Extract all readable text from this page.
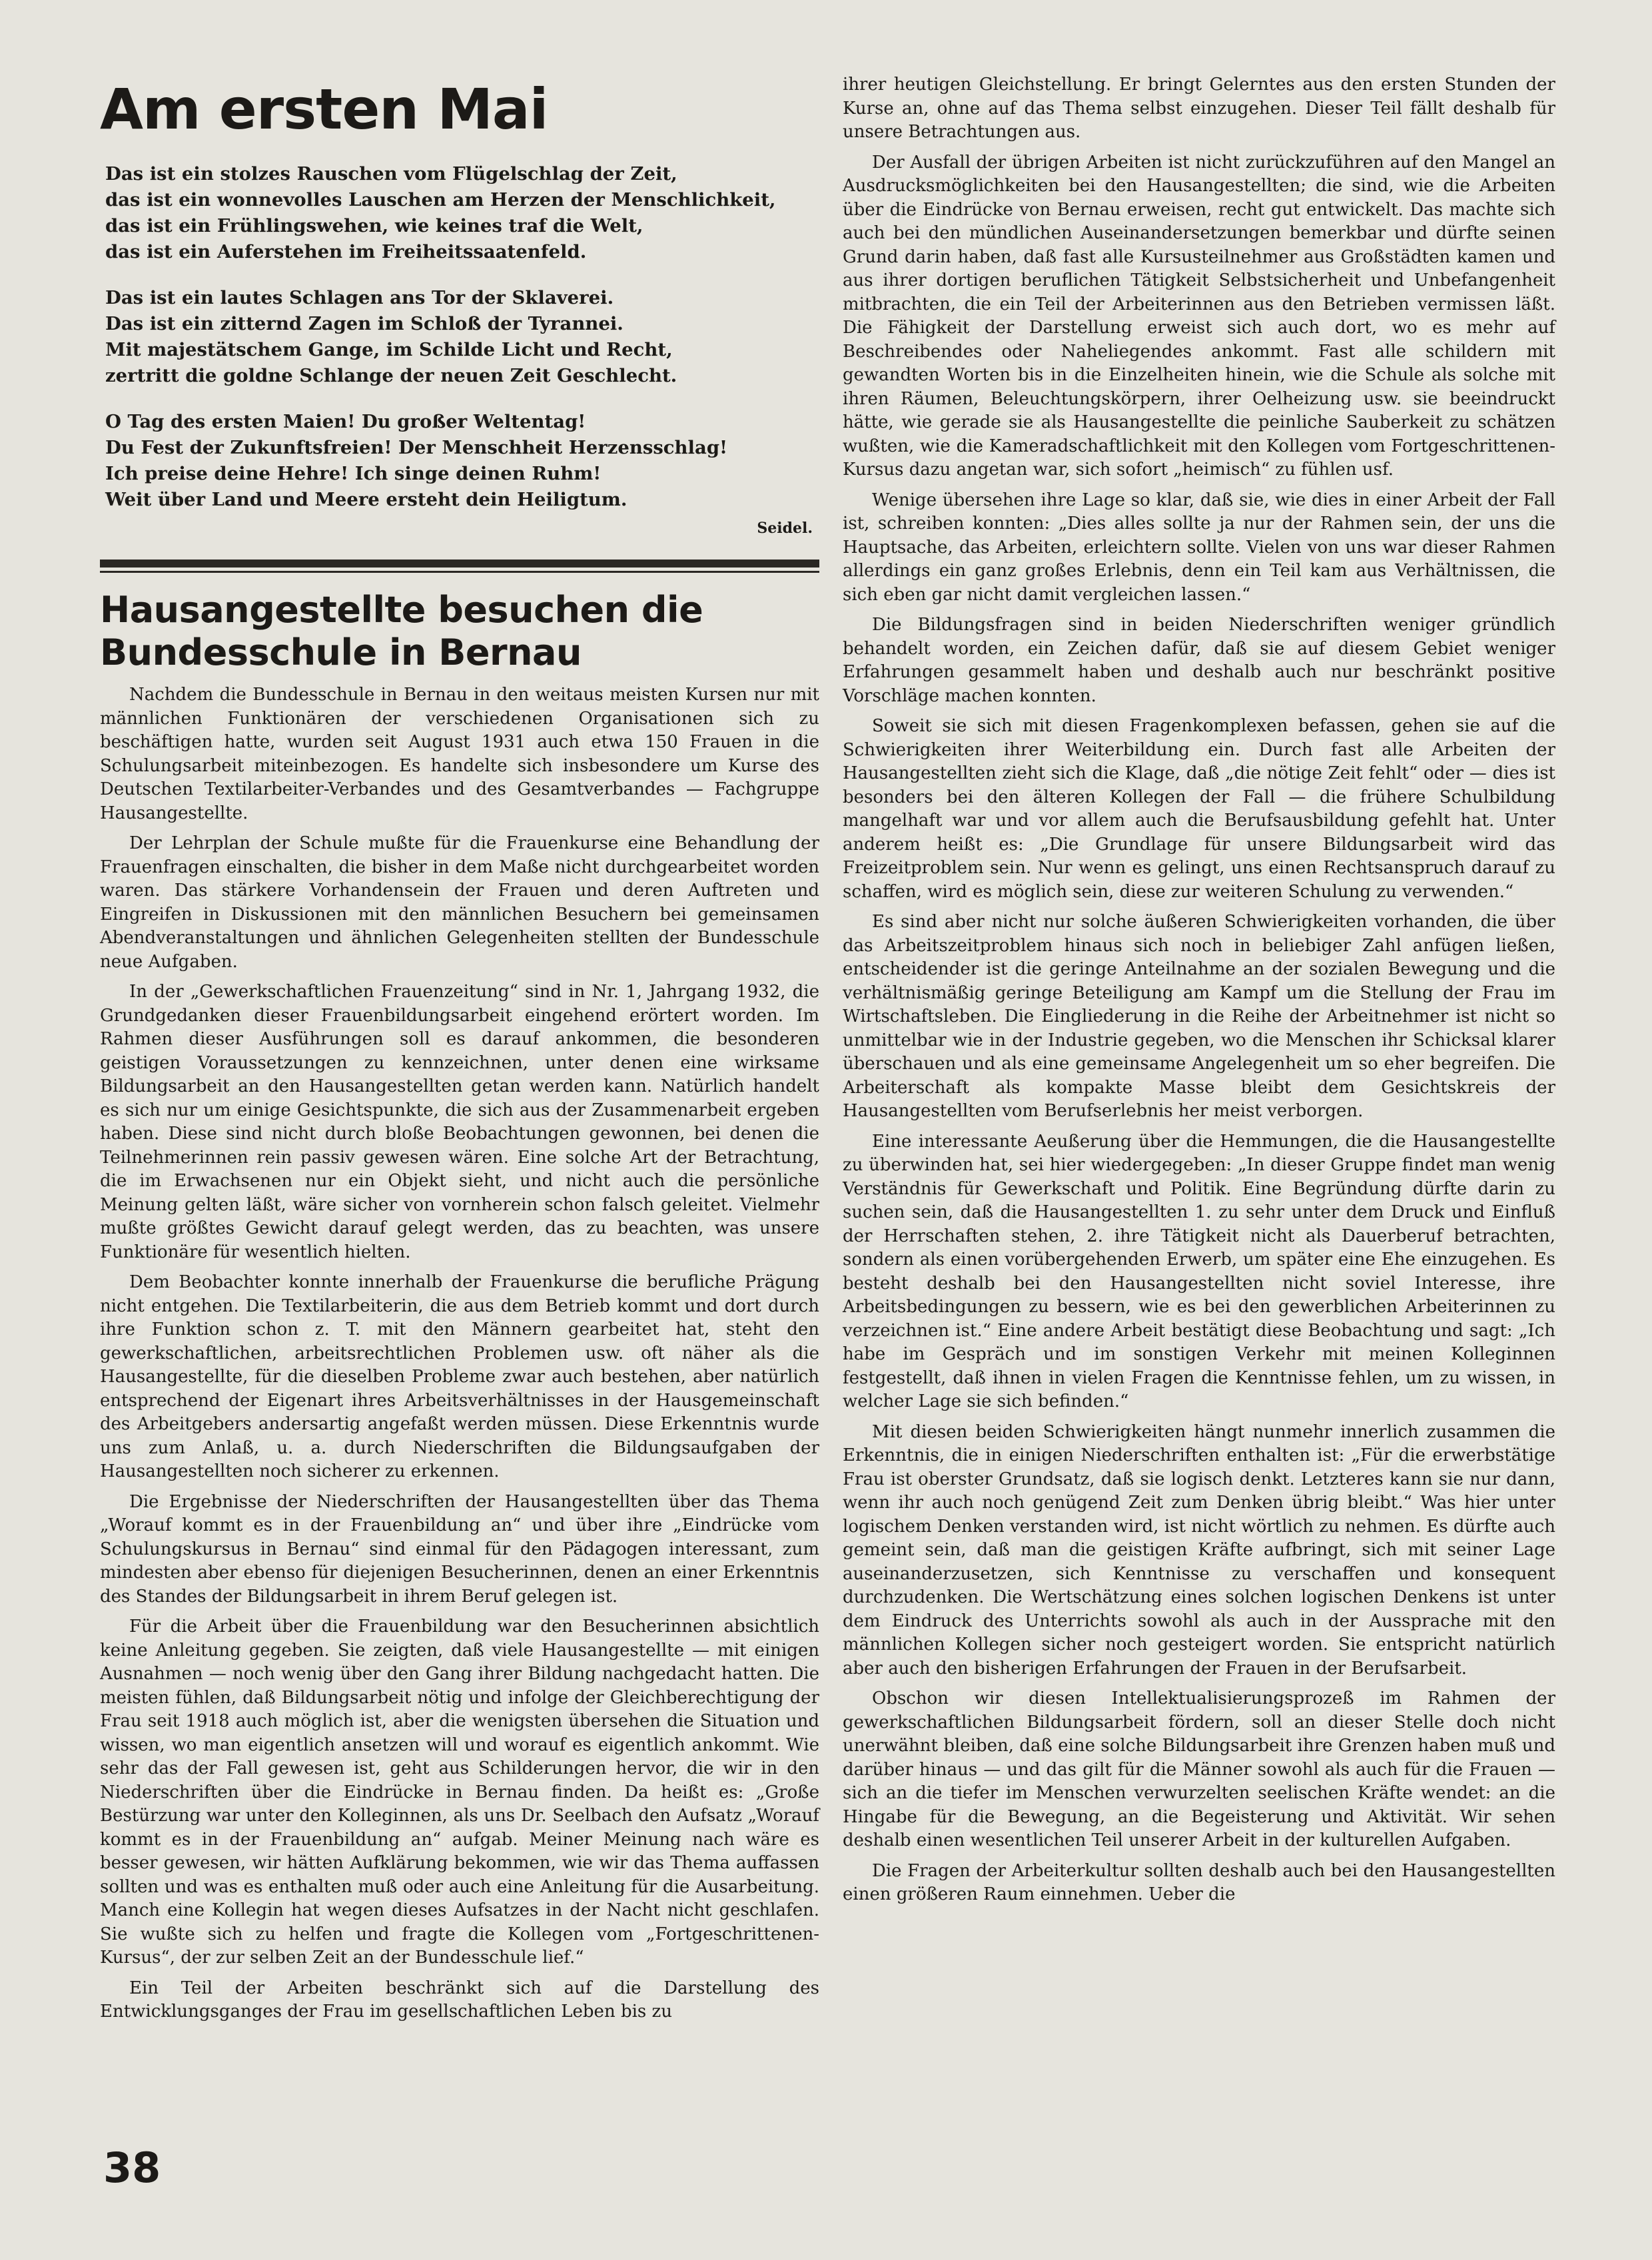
Am ersten Mai
Das ist ein stolzes Rauschen vom Flügelschlag der Zeit,
das ist ein wonnevolles Lauschen am Herzen der Menschlichkeit,
das ist ein Frühlingswehen, wie keines traf die Welt,
das ist ein Auferstehen im Freiheitssaatenfeld.
Das ist ein lautes Schlagen ans Tor der Sklaverei.
Das ist ein zitternd Zagen im Schloß der Tyrannei.
Mit majestätschem Gange, im Schilde Licht und Recht,
zertritt die goldne Schlange der neuen Zeit Geschlecht.
O Tag des ersten Maien! Du großer Weltentag!
Du Fest der Zukunftsfreien! Der Menschheit Herzensschlag!
Ich preise deine Hehre! Ich singe deinen Ruhm!
Weit über Land und Meere ersteht dein Heiligtum.
Seidel.
Hausangestellte besuchen die
Bundesschule in Bernau

Nachdem die Bundesschule in Bernau in den weitaus meisten Kursen nur mit männlichen Funktionären der verschiedenen Organisationen sich zu beschäftigen hatte, wurden seit August 1931 auch etwa 150 Frauen in die Schulungsarbeit miteinbezogen. Es handelte sich insbesondere um Kurse des Deutschen Textilarbeiter-Verbandes und des Gesamtverbandes — Fachgruppe Hausangestellte.

Der Lehrplan der Schule mußte für die Frauenkurse eine Behandlung der Frauenfragen einschalten, die bisher in dem Maße nicht durchgearbeitet worden waren. Das stärkere Vorhandensein der Frauen und deren Auftreten und Eingreifen in Diskussionen mit den männlichen Besuchern bei gemeinsamen Abendveranstaltungen und ähnlichen Gelegenheiten stellten der Bundesschule neue Aufgaben.

In der „Gewerkschaftlichen Frauenzeitung“ sind in Nr. 1, Jahrgang 1932, die Grundgedanken dieser Frauenbildungsarbeit eingehend erörtert worden. Im Rahmen dieser Ausführungen soll es darauf ankommen, die besonderen geistigen Voraussetzungen zu kennzeichnen, unter denen eine wirksame Bildungsarbeit an den Hausangestellten getan werden kann. Natürlich handelt es sich nur um einige Gesichtspunkte, die sich aus der Zusammenarbeit ergeben haben. Diese sind nicht durch bloße Beobachtungen gewonnen, bei denen die Teilnehmerinnen rein passiv gewesen wären. Eine solche Art der Betrachtung, die im Erwachsenen nur ein Objekt sieht, und nicht auch die persönliche Meinung gelten läßt, wäre sicher von vornherein schon falsch geleitet. Vielmehr mußte größtes Gewicht darauf gelegt werden, das zu beachten, was unsere Funktionäre für wesentlich hielten.

Dem Beobachter konnte innerhalb der Frauenkurse die berufliche Prägung nicht entgehen. Die Textilarbeiterin, die aus dem Betrieb kommt und dort durch ihre Funktion schon z. T. mit den Männern gearbeitet hat, steht den gewerkschaftlichen, arbeitsrechtlichen Problemen usw. oft näher als die Hausangestellte, für die dieselben Probleme zwar auch bestehen, aber natürlich entsprechend der Eigenart ihres Arbeitsverhältnisses in der Hausgemeinschaft des Arbeitgebers andersartig angefaßt werden müssen. Diese Erkenntnis wurde uns zum Anlaß, u. a. durch Niederschriften die Bildungsaufgaben der Hausangestellten noch sicherer zu erkennen.

Die Ergebnisse der Niederschriften der Hausangestellten über das Thema „Worauf kommt es in der Frauenbildung an“ und über ihre „Eindrücke vom Schulungskursus in Bernau“ sind einmal für den Pädagogen interessant, zum mindesten aber ebenso für diejenigen Besucherinnen, denen an einer Erkenntnis des Standes der Bildungsarbeit in ihrem Beruf gelegen ist.

Für die Arbeit über die Frauenbildung war den Besucherinnen absichtlich keine Anleitung gegeben. Sie zeigten, daß viele Hausangestellte — mit einigen Ausnahmen — noch wenig über den Gang ihrer Bildung nachgedacht hatten. Die meisten fühlen, daß Bildungsarbeit nötig und infolge der Gleichberechtigung der Frau seit 1918 auch möglich ist, aber die wenigsten übersehen die Situation und wissen, wo man eigentlich ansetzen will und worauf es eigentlich ankommt. Wie sehr das der Fall gewesen ist, geht aus Schilderungen hervor, die wir in den Niederschriften über die Eindrücke in Bernau finden. Da heißt es: „Große Bestürzung war unter den Kolleginnen, als uns Dr. Seelbach den Aufsatz „Worauf kommt es in der Frauenbildung an“ aufgab. Meiner Meinung nach wäre es besser gewesen, wir hätten Aufklärung bekommen, wie wir das Thema auffassen sollten und was es enthalten muß oder auch eine Anleitung für die Ausarbeitung. Manch eine Kollegin hat wegen dieses Aufsatzes in der Nacht nicht geschlafen. Sie wußte sich zu helfen und fragte die Kollegen vom „Fortgeschrittenen-Kursus“, der zur selben Zeit an der Bundesschule lief.“

Ein Teil der Arbeiten beschränkt sich auf die Darstellung des Entwicklungsganges der Frau im gesellschaftlichen Leben bis zu

ihrer heutigen Gleichstellung. Er bringt Gelerntes aus den ersten Stunden der Kurse an, ohne auf das Thema selbst einzugehen. Dieser Teil fällt deshalb für unsere Betrachtungen aus.

Der Ausfall der übrigen Arbeiten ist nicht zurückzuführen auf den Mangel an Ausdrucksmöglichkeiten bei den Hausangestellten; die sind, wie die Arbeiten über die Eindrücke von Bernau erweisen, recht gut entwickelt. Das machte sich auch bei den mündlichen Auseinandersetzungen bemerkbar und dürfte seinen Grund darin haben, daß fast alle Kursusteilnehmer aus Großstädten kamen und aus ihrer dortigen beruflichen Tätigkeit Selbstsicherheit und Unbefangenheit mitbrachten, die ein Teil der Arbeiterinnen aus den Betrieben vermissen läßt. Die Fähigkeit der Darstellung erweist sich auch dort, wo es mehr auf Beschreibendes oder Naheliegendes ankommt. Fast alle schildern mit gewandten Worten bis in die Einzelheiten hinein, wie die Schule als solche mit ihren Räumen, Beleuchtungskörpern, ihrer Oelheizung usw. sie beeindruckt hätte, wie gerade sie als Hausangestellte die peinliche Sauberkeit zu schätzen wußten, wie die Kameradschaftlichkeit mit den Kollegen vom Fortgeschrittenen-Kursus dazu angetan war, sich sofort „heimisch“ zu fühlen usf.

Wenige übersehen ihre Lage so klar, daß sie, wie dies in einer Arbeit der Fall ist, schreiben konnten: „Dies alles sollte ja nur der Rahmen sein, der uns die Hauptsache, das Arbeiten, erleichtern sollte. Vielen von uns war dieser Rahmen allerdings ein ganz großes Erlebnis, denn ein Teil kam aus Verhältnissen, die sich eben gar nicht damit vergleichen lassen.“

Die Bildungsfragen sind in beiden Niederschriften weniger gründlich behandelt worden, ein Zeichen dafür, daß sie auf diesem Gebiet weniger Erfahrungen gesammelt haben und deshalb auch nur beschränkt positive Vorschläge machen konnten.

Soweit sie sich mit diesen Fragenkomplexen befassen, gehen sie auf die Schwierigkeiten ihrer Weiterbildung ein. Durch fast alle Arbeiten der Hausangestellten zieht sich die Klage, daß „die nötige Zeit fehlt“ oder — dies ist besonders bei den älteren Kollegen der Fall — die frühere Schulbildung mangelhaft war und vor allem auch die Berufsausbildung gefehlt hat. Unter anderem heißt es: „Die Grundlage für unsere Bildungsarbeit wird das Freizeitproblem sein. Nur wenn es gelingt, uns einen Rechtsanspruch darauf zu schaffen, wird es möglich sein, diese zur weiteren Schulung zu verwenden.“

Es sind aber nicht nur solche äußeren Schwierigkeiten vorhanden, die über das Arbeitszeitproblem hinaus sich noch in beliebiger Zahl anfügen ließen, entscheidender ist die geringe Anteilnahme an der sozialen Bewegung und die verhältnismäßig geringe Beteiligung am Kampf um die Stellung der Frau im Wirtschaftsleben. Die Eingliederung in die Reihe der Arbeitnehmer ist nicht so unmittelbar wie in der Industrie gegeben, wo die Menschen ihr Schicksal klarer überschauen und als eine gemeinsame Angelegenheit um so eher begreifen. Die Arbeiterschaft als kompakte Masse bleibt dem Gesichtskreis der Hausangestellten vom Berufserlebnis her meist verborgen.

Eine interessante Aeußerung über die Hemmungen, die die Hausangestellte zu überwinden hat, sei hier wiedergegeben: „In dieser Gruppe findet man wenig Verständnis für Gewerkschaft und Politik. Eine Begründung dürfte darin zu suchen sein, daß die Hausangestellten 1. zu sehr unter dem Druck und Einfluß der Herrschaften stehen, 2. ihre Tätigkeit nicht als Dauerberuf betrachten, sondern als einen vorübergehenden Erwerb, um später eine Ehe einzugehen. Es besteht deshalb bei den Hausangestellten nicht soviel Interesse, ihre Arbeitsbedingungen zu bessern, wie es bei den gewerblichen Arbeiterinnen zu verzeichnen ist.“ Eine andere Arbeit bestätigt diese Beobachtung und sagt: „Ich habe im Gespräch und im sonstigen Verkehr mit meinen Kolleginnen festgestellt, daß ihnen in vielen Fragen die Kenntnisse fehlen, um zu wissen, in welcher Lage sie sich befinden.“

Mit diesen beiden Schwierigkeiten hängt nunmehr innerlich zusammen die Erkenntnis, die in einigen Niederschriften enthalten ist: „Für die erwerbstätige Frau ist oberster Grundsatz, daß sie logisch denkt. Letzteres kann sie nur dann, wenn ihr auch noch genügend Zeit zum Denken übrig bleibt.“ Was hier unter logischem Denken verstanden wird, ist nicht wörtlich zu nehmen. Es dürfte auch gemeint sein, daß man die geistigen Kräfte aufbringt, sich mit seiner Lage auseinanderzusetzen, sich Kenntnisse zu verschaffen und konsequent durchzudenken. Die Wertschätzung eines solchen logischen Denkens ist unter dem Eindruck des Unterrichts sowohl als auch in der Aussprache mit den männlichen Kollegen sicher noch gesteigert worden. Sie entspricht natürlich aber auch den bisherigen Erfahrungen der Frauen in der Berufsarbeit.

Obschon wir diesen Intellektualisierungsprozeß im Rahmen der gewerkschaftlichen Bildungsarbeit fördern, soll an dieser Stelle doch nicht unerwähnt bleiben, daß eine solche Bildungsarbeit ihre Grenzen haben muß und darüber hinaus — und das gilt für die Männer sowohl als auch für die Frauen — sich an die tiefer im Menschen verwurzelten seelischen Kräfte wendet: an die Hingabe für die Bewegung, an die Begeisterung und Aktivität. Wir sehen deshalb einen wesentlichen Teil unserer Arbeit in der kulturellen Aufgaben.

Die Fragen der Arbeiterkultur sollten deshalb auch bei den Hausangestellten einen größeren Raum einnehmen. Ueber die

38
